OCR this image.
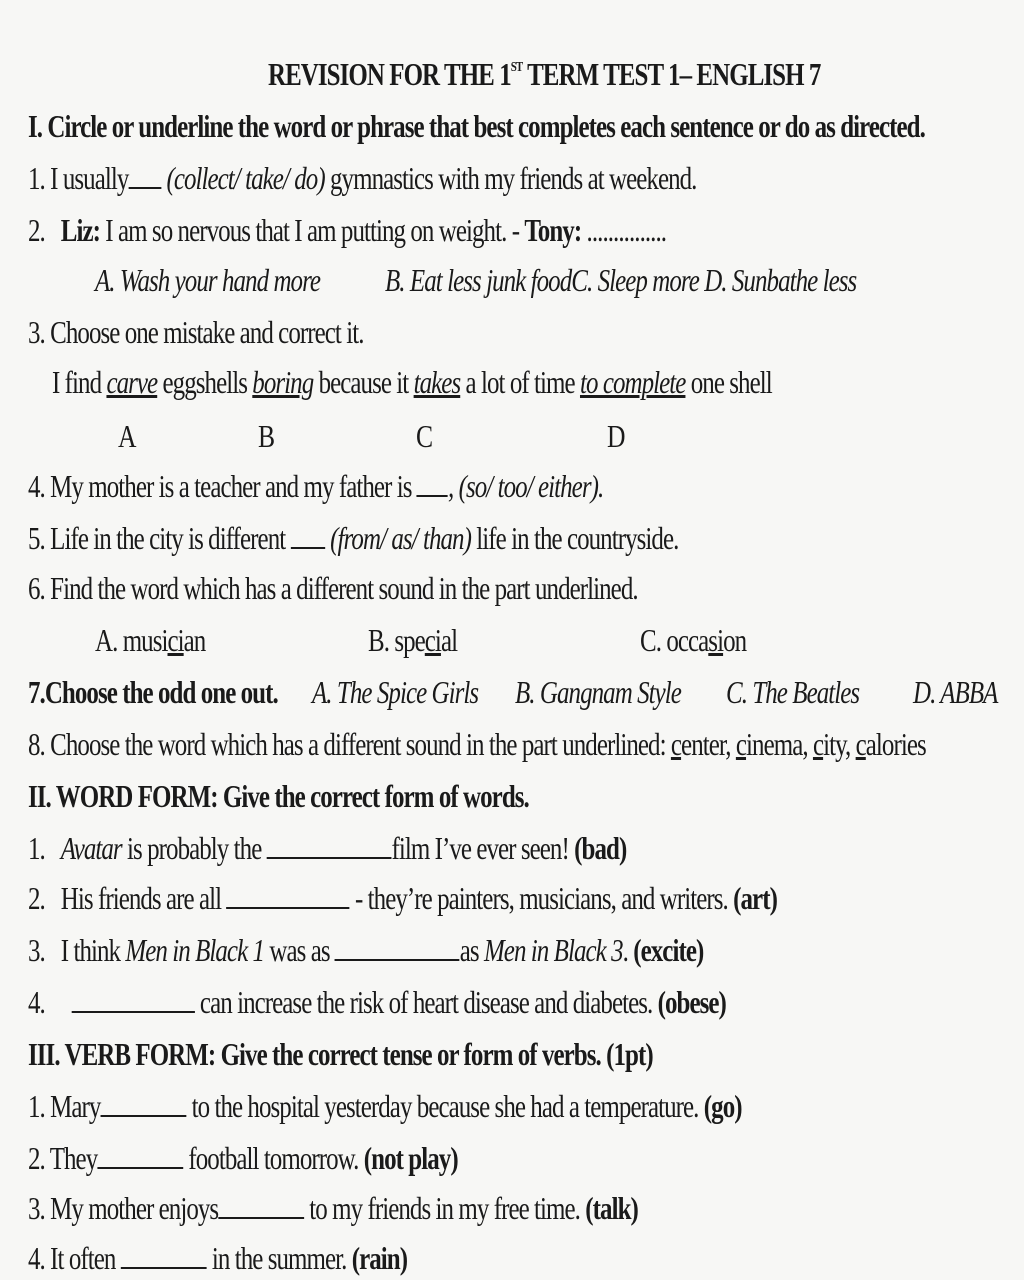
REVISION FOR THE 1ST TERM TEST 1– ENGLISH 7
I. Circle or underline the word or phrase that best completes each sentence or do as directed.
1. I usually (collect/ take/ do) gymnastics with my friends at weekend.
2. Liz: I am so nervous that I am putting on weight. - Tony: ...............
A. Wash your hand more B. Eat less junk foodC. Sleep more D. Sunbathe less
3. Choose one mistake and correct it.
I find carve eggshells boring because it takes a lot of time to complete one shell
A	B	C	D
4. My mother is a teacher and my father is , (so/ too/ either).
5. Life in the city is different  (from/ as/ than) life in the countryside.
6. Find the word which has a different sound in the part underlined.
A. musician	B. special	C. occasion
7.Choose the odd one out. A. The Spice Girls B. Gangnam Style C. The Beatles D. ABBA
8. Choose the word which has a different sound in the part underlined: center, cinema, city, calories
II. WORD FORM: Give the correct form of words.
1. Avatar is probably the	film I’ve ever seen! (bad)
2. His friends are all	- they’re painters, musicians, and writers. (art)
3. I think Men in Black 1 was as	as Men in Black 3. (excite)
4.	can increase the risk of heart disease and diabetes. (obese)
III. VERB FORM: Give the correct tense or form of verbs. (1pt)
1. Mary	to the hospital yesterday because she had a temperature. (go)
2. They	football tomorrow. (not play)
3. My mother enjoys	to my friends in my free time. (talk)
4. It often	in the summer. (rain)
